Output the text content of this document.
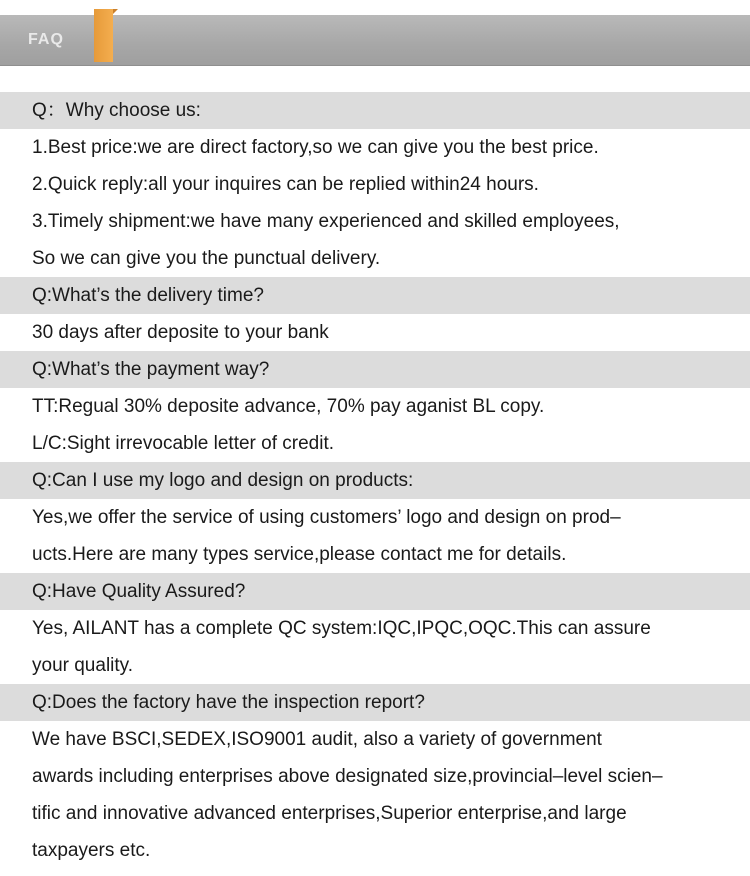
FAQ
Q：Why choose us:
1.Best price:we are direct factory,so we can give you the best price.
2.Quick reply:all your inquires can be replied within24 hours.
3.Timely shipment:we have many experienced and skilled employees,
So we can give you the punctual delivery.
Q:What’s the delivery time?
30 days after deposite to your bank
Q:What’s the payment way?
TT:Regual 30% deposite advance, 70% pay aganist BL copy.
L/C:Sight irrevocable letter of credit.
Q:Can I use my logo and design on products:
Yes,we offer the service of using customers’ logo and design on prod–
ucts.Here are many types service,please contact me for details.
Q:Have Quality Assured?
Yes, AILANT has a complete QC system:IQC,IPQC,OQC.This can assure
your quality.
Q:Does the factory have the inspection report?
We have BSCI,SEDEX,ISO9001 audit, also a variety of government
awards including enterprises above designated size,provincial–level scien–
tific and innovative advanced enterprises,Superior enterprise,and large
taxpayers etc.
